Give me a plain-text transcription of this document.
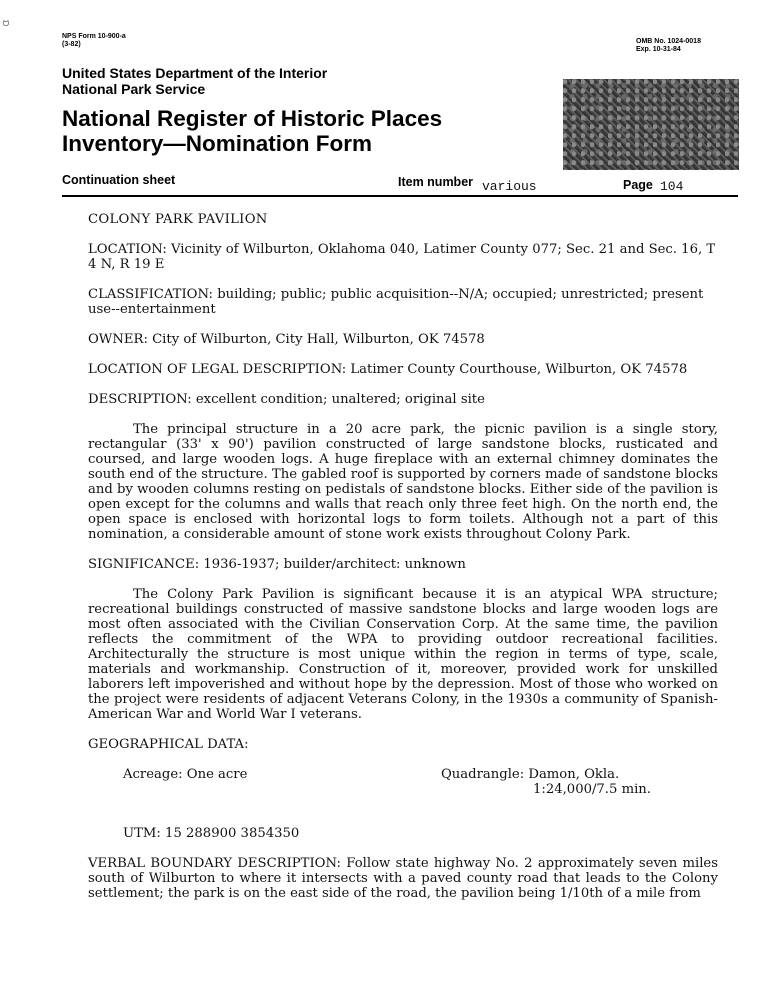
ဗ
NPS Form 10-900-a
(3-82)	OMB No. 1024-0018
Exp. 10-31-84
United States Department of the Interior
National Park Service
National Register of Historic Places
Inventory—Nomination Form
Continuation sheet	Item number various	Page 104
COLONY PARK PAVILION
LOCATION: Vicinity of Wilburton, Oklahoma 040, Latimer County 077; Sec. 21 and Sec. 16, T 4 N, R 19 E
CLASSIFICATION: building; public; public acquisition--N/A; occupied; unrestricted; present use--entertainment
OWNER: City of Wilburton, City Hall, Wilburton, OK 74578
LOCATION OF LEGAL DESCRIPTION: Latimer County Courthouse, Wilburton, OK 74578
DESCRIPTION: excellent condition; unaltered; original site
The principal structure in a 20 acre park, the picnic pavilion is a single story, rectangular (33' x 90') pavilion constructed of large sandstone blocks, rusticated and coursed, and large wooden logs. A huge fireplace with an external chimney dominates the south end of the structure. The gabled roof is supported by corners made of sandstone blocks and by wooden columns resting on pedistals of sandstone blocks. Either side of the pavilion is open except for the columns and walls that reach only three feet high. On the north end, the open space is enclosed with horizontal logs to form toilets. Although not a part of this nomination, a considerable amount of stone work exists throughout Colony Park.
SIGNIFICANCE: 1936-1937; builder/architect: unknown
The Colony Park Pavilion is significant because it is an atypical WPA structure; recreational buildings constructed of massive sandstone blocks and large wooden logs are most often associated with the Civilian Conservation Corp. At the same time, the pavilion reflects the commitment of the WPA to providing outdoor recreational facilities. Architecturally the structure is most unique within the region in terms of type, scale, materials and workmanship. Construction of it, moreover, provided work for unskilled laborers left impoverished and without hope by the depression. Most of those who worked on the project were residents of adjacent Veterans Colony, in the 1930s a community of Spanish-American War and World War I veterans.
GEOGRAPHICAL DATA:
Acreage: One acre	Quadrangle: Damon, Okla.
1:24,000/7.5 min.
UTM: 15 288900 3854350
VERBAL BOUNDARY DESCRIPTION: Follow state highway No. 2 approximately seven miles south of Wilburton to where it intersects with a paved county road that leads to the Colony settlement; the park is on the east side of the road, the pavilion being 1/10th of a mile from
